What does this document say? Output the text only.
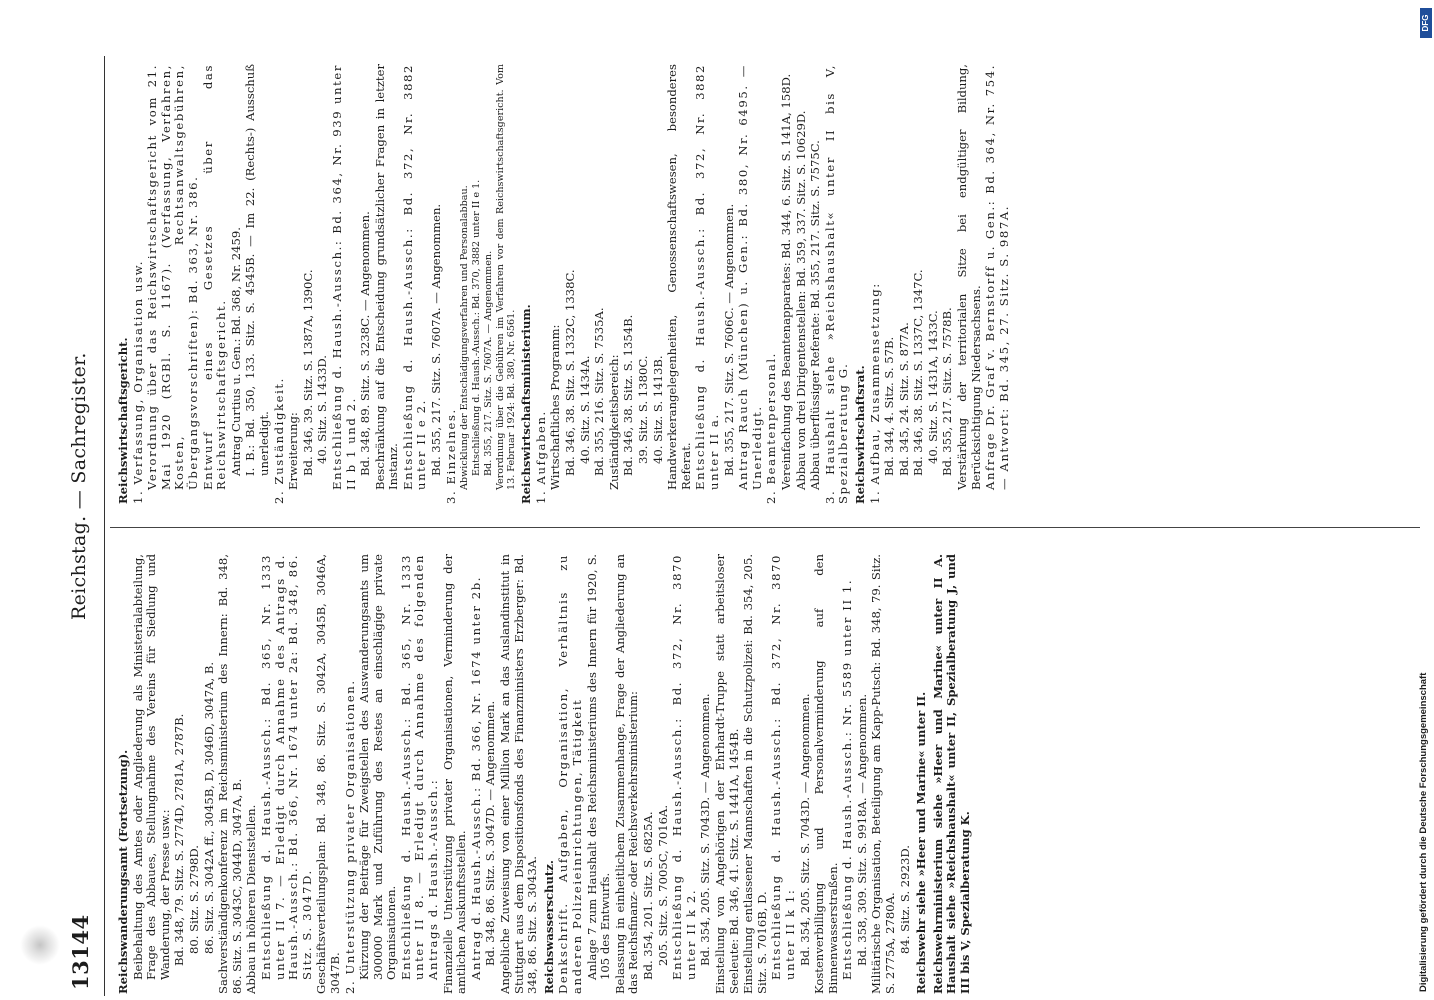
13144
Reichstag. — Sachregister.

Reichswanderungsamt (Fortsetzung). Beibehaltung des Amtes oder Angliederung als Ministerialabteilung, Frage des Abbaues, Stellungnahme des Vereins für Siedlung und Wanderung, der Presse usw.: Bd. 348, 79. Sitz. S. 2774D, 2781A, 2787B. 80. Sitz. S. 2798D. 86. Sitz. S. 3042A ff., 3045B, D, 3046D, 3047A, B. Sachverständigenkonferenz im Reichsministerium des Innern: Bd. 348, 86. Sitz. S. 3043C, 3044D, 3047A, B. Abbau in höheren Dienststellen. Entschließung d. Haush.-Aussch.: Bd. 365, Nr. 1333 unter II 7. — Erledigt durch Annahme des Antrags d. Haush.-Aussch.: Bd. 366, Nr. 1674 unter 2a: Bd. 348, 86. Sitz. S. 3047D. Geschäftsverteilungsplan: Bd. 348, 86. Sitz. S. 3042A, 3045B, 3046A, 3047B. 2. Unterstützung privater Organisationen. Kürzung der Beiträge für Zweigstellen des Auswanderungsamts um 300000 Mark und Zuführung des Restes an einschlägige private Organisationen. Entschließung d. Haush.-Aussch.: Bd. 365, Nr. 1333 unter II 8. — Erledigt durch Annahme des folgenden Antrags d. Haush.-Aussch.: Finanzielle Unterstützung privater Organisationen, Verminderung der amtlichen Auskunftsstellen. Antrag d. Haush.-Aussch.: Bd. 366, Nr. 1674 unter 2b. Bd. 348, 86. Sitz. S. 3047D. — Angenommen. Angebliche Zuweisung von einer Million Mark an das Auslandinstitut in Stuttgart aus dem Dispositionsfonds des Finanzministers Erzberger: Bd. 348, 86. Sitz. S. 3043A. Reichswasserschutz. Denkschrift. Aufgaben, Organisation, Verhältnis zu anderen Polizeieinrichtungen, Tätigkeit Anlage 7 zum Haushalt des Reichsministeriums des Innern für 1920, S. 105 des Entwurfs. Belassung in einheitlichem Zusammenhange, Frage der Angliederung an das Reichsfinanz- oder Reichsverkehrsministerium: Bd. 354, 201. Sitz. S. 6825A. 205. Sitz. S. 7005C, 7016A. Entschließung d. Haush.-Aussch.: Bd. 372, Nr. 3870 unter II k 2. Bd. 354, 205. Sitz. S. 7043D. — Angenommen. Einstellung von Angehörigen der Ehrhardt-Truppe statt arbeitsloser Seeleute: Bd. 346, 41. Sitz. S. 1441A, 1454B. Einstellung entlassener Mannschaften in die Schutzpolizei: Bd. 354, 205. Sitz. S. 7016B, D. Entschließung d. Haush.-Aussch.: Bd. 372, Nr. 3870 unter II k 1: Bd. 354, 205. Sitz. S. 7043D. — Angenommen. Kostenverbilligung und Personalverminderung auf den Binnenwasserstraßen. Entschließung d. Haush.-Aussch.: Nr. 5589 unter II 1. Bd. 358, 309. Sitz. S. 9918A. — Angenommen. Militärische Organisation, Beteiligung am Kapp-Putsch: Bd. 348, 79. Sitz. S. 2775A, 2780A. 84. Sitz. S. 2923D. Reichswehr siehe »Heer und Marine« unter II. Reichswehrministerium siehe »Heer und Marine« unter II A. Haushalt siehe »Reichshaushalt« unter II, Spezialberatung J, und III bis V, Spezialberatung K.

Reichswirtschaftsgericht. 1. Verfassung, Organisation usw. Verordnung über das Reichswirtschaftsgericht vom 21. Mai 1920 (RGBl. S. 1167). (Verfassung, Verfahren, Kosten, Rechtsanwaltsgebühren, Übergangsvorschriften): Bd. 363, Nr. 386. Entwurf eines Gesetzes über das Reichswirtschaftsgericht. Antrag Curtius u. Gen.: Bd. 368, Nr. 2459. I. B.: Bd. 350, 133. Sitz. S. 4545B. — Im 22. (Rechts-) Ausschuß unerledigt. 2. Zuständigkeit. Erweiterung: Bd. 346, 39. Sitz. S. 1387A, 1390C. 40. Sitz. S. 1433D. Entschließung d. Haush.-Aussch.: Bd. 364, Nr. 939 unter II b 1 und 2. Bd. 348, 89. Sitz. S. 3238C. — Angenommen. Beschränkung auf die Entscheidung grundsätzlicher Fragen in letzter Instanz. Entschließung d. Haush.-Aussch.: Bd. 372, Nr. 3882 unter II e 2. Bd. 355, 217. Sitz. S. 7607A. — Angenommen. 3. Einzelnes. Abwicklung der Entschädigungsverfahren und Personalabbau. Entschließung d. Haush.-Aussch.: Bd. 370, 3882 unter II e 1. Bd. 355, 217. Sitz. S. 7607A. — Angenommen. Verordnung über die Gebühren im Verfahren vor dem Reichswirtschaftsgericht. Vom 13. Februar 1924: Bd. 380, Nr. 6561. Reichswirtschaftsministerium. 1. Aufgaben. Wirtschaftliches Programm: Bd. 346, 38. Sitz. S. 1332C, 1338C. 40. Sitz. S. 1434A. Bd. 355, 216. Sitz. S. 7535A. Zuständigkeitsbereich: Bd. 346, 38. Sitz. S. 1354B. 39. Sitz. S. 1380C. 40. Sitz. S. 1413B. Handwerkerangelegenheiten, Genossenschaftswesen, besonderes Referat. Entschließung d. Haush.-Aussch.: Bd. 372, Nr. 3882 unter II a. Bd. 355, 217. Sitz. S. 7606C. — Angenommen. Antrag Rauch (München) u. Gen.: Bd. 380, Nr. 6495. — Unerledigt. 2. Beamtenpersonal. Vereinfachung des Beamtenapparates: Bd. 344, 6. Sitz. S. 141A, 158D. Abbau von drei Dirigentenstellen: Bd. 359, 337. Sitz. S. 10629D. Abbau überflüssiger Referate: Bd. 355, 217. Sitz. S. 7575C. 3. Haushalt siehe »Reichshaushalt« unter II bis V, Spezialberatung G. Reichswirtschaftsrat. 1. Aufbau, Zusammensetzung: Bd. 344, 4. Sitz. S. 57B. Bd. 345, 24. Sitz. S. 877A. Bd. 346, 38. Sitz. S. 1337C, 1347C. 40. Sitz. S. 1431A, 1433C. Bd. 355, 217. Sitz. S. 7578B. Verstärkung der territorialen Sitze bei endgültiger Bildung, Berücksichtigung Niedersachsens. Anfrage Dr. Graf v. Bernstorff u. Gen.: Bd. 364, Nr. 754. — Antwort: Bd. 345, 27. Sitz. S. 987A.

DFG
Digitalisierung gefördert durch die Deutsche Forschungsgemeinschaft
